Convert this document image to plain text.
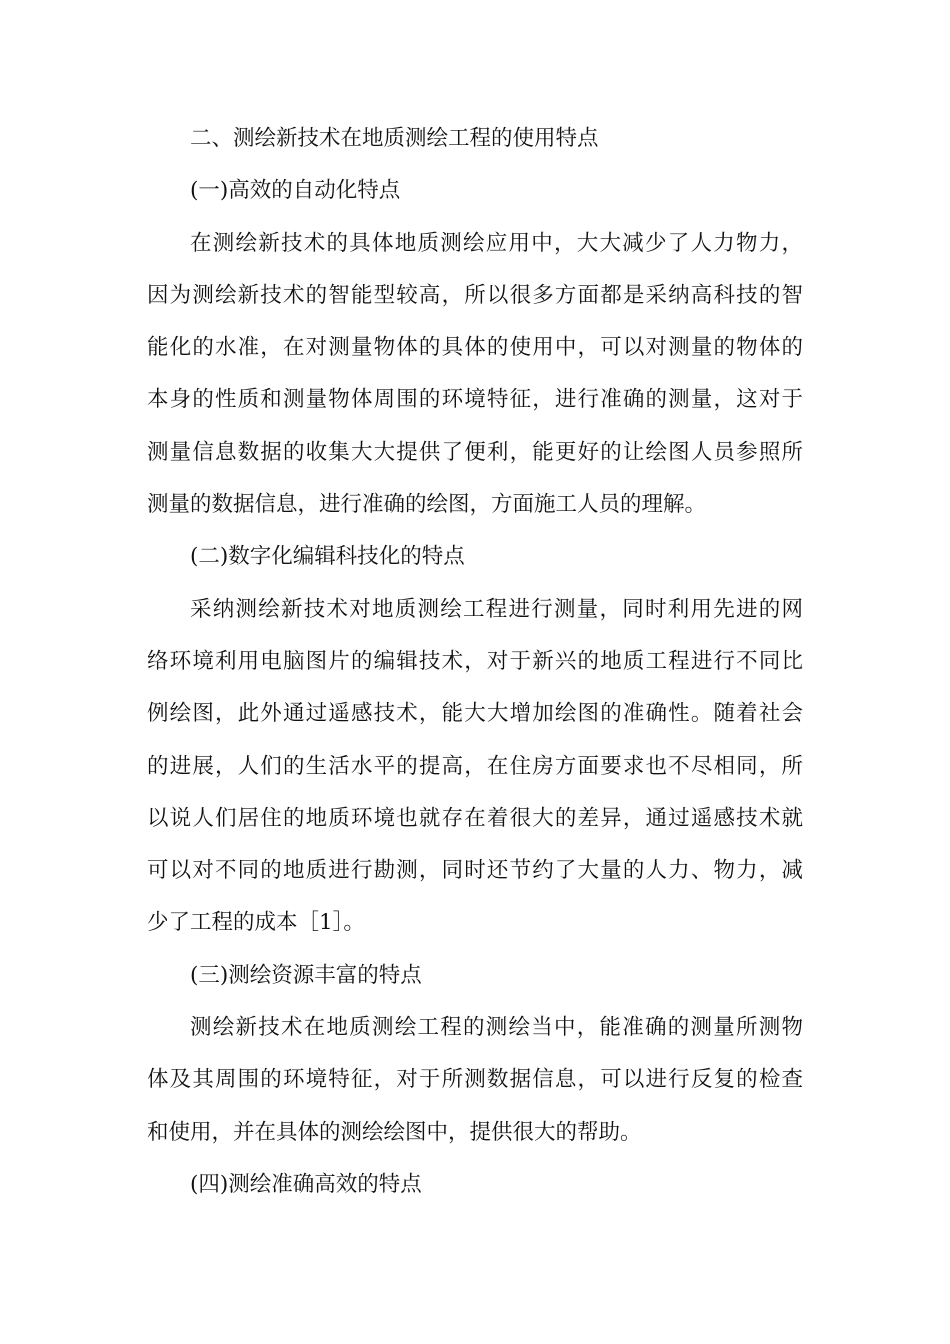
二、测绘新技术在地质测绘工程的使用特点
(一)高效的自动化特点
在测绘新技术的具体地质测绘应用中，大大减少了人力物力，
因为测绘新技术的智能型较高，所以很多方面都是采纳高科技的智
能化的水准，在对测量物体的具体的使用中，可以对测量的物体的
本身的性质和测量物体周围的环境特征，进行准确的测量，这对于
测量信息数据的收集大大提供了便利，能更好的让绘图人员参照所
测量的数据信息，进行准确的绘图，方面施工人员的理解。
(二)数字化编辑科技化的特点
采纳测绘新技术对地质测绘工程进行测量，同时利用先进的网
络环境利用电脑图片的编辑技术，对于新兴的地质工程进行不同比
例绘图，此外通过遥感技术，能大大增加绘图的准确性。随着社会
的进展，人们的生活水平的提高，在住房方面要求也不尽相同，所
以说人们居住的地质环境也就存在着很大的差异，通过遥感技术就
可以对不同的地质进行勘测，同时还节约了大量的人力、物力，减
少了工程的成本［1］。
(三)测绘资源丰富的特点
测绘新技术在地质测绘工程的测绘当中，能准确的测量所测物
体及其周围的环境特征，对于所测数据信息，可以进行反复的检查
和使用，并在具体的测绘绘图中，提供很大的帮助。
(四)测绘准确高效的特点
